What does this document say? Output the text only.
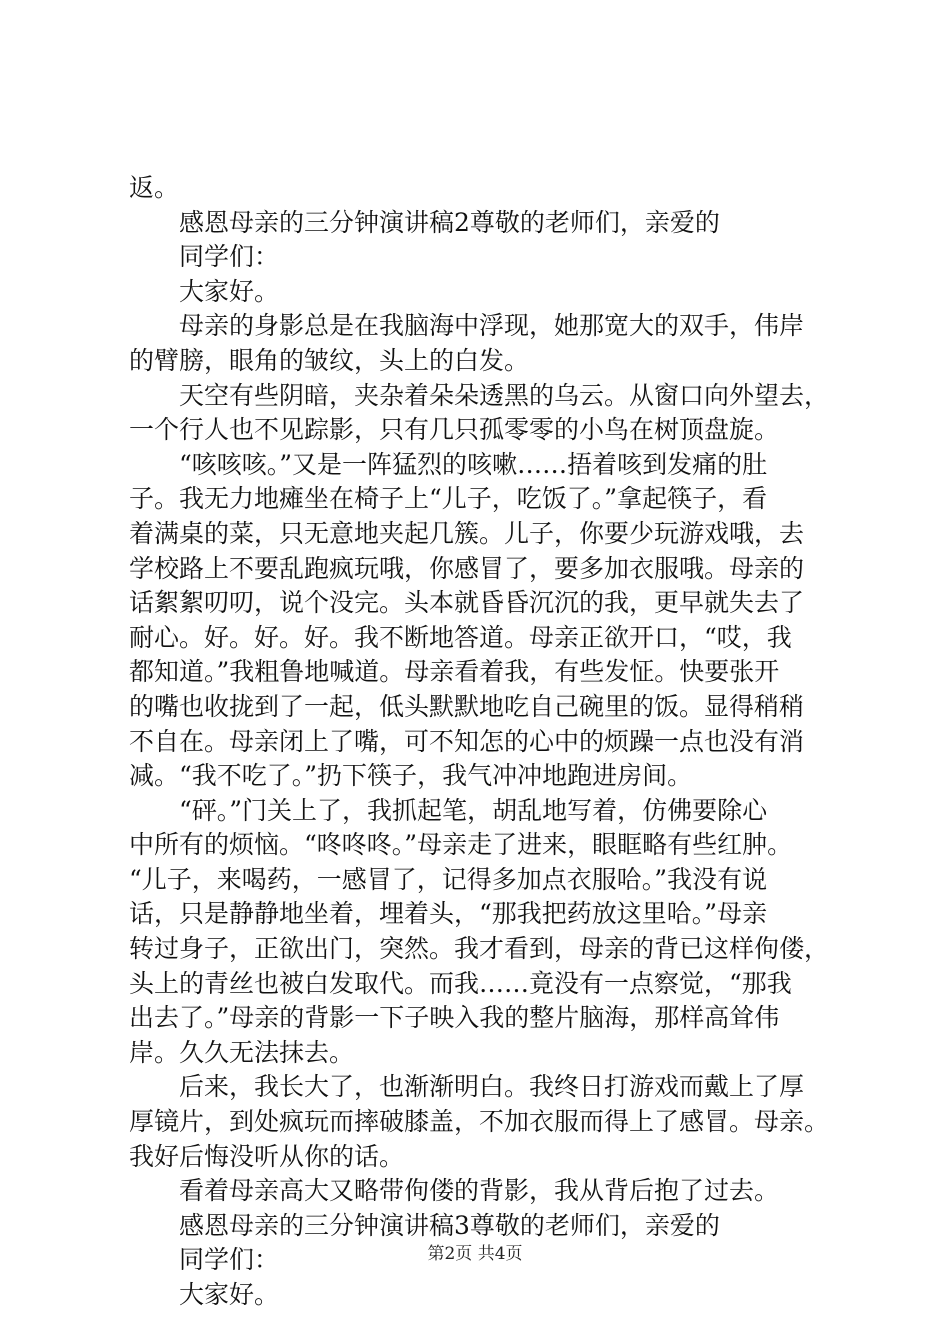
返。
感恩母亲的三分钟演讲稿2尊敬的老师们，亲爱的
同学们：
大家好。
母亲的身影总是在我脑海中浮现，她那宽大的双手，伟岸
的臂膀，眼角的皱纹，头上的白发。
天空有些阴暗，夹杂着朵朵透黑的乌云。从窗口向外望去，
一个行人也不见踪影，只有几只孤零零的小鸟在树顶盘旋。
“咳咳咳。”又是一阵猛烈的咳嗽……捂着咳到发痛的肚
子。我无力地瘫坐在椅子上“儿子，吃饭了。”拿起筷子，看
着满桌的菜，只无意地夹起几簇。儿子，你要少玩游戏哦，去
学校路上不要乱跑疯玩哦，你感冒了，要多加衣服哦。母亲的
话絮絮叨叨，说个没完。头本就昏昏沉沉的我，更早就失去了
耐心。好。好。好。我不断地答道。母亲正欲开口，“哎，我
都知道。”我粗鲁地喊道。母亲看着我，有些发怔。快要张开
的嘴也收拢到了一起，低头默默地吃自己碗里的饭。显得稍稍
不自在。母亲闭上了嘴，可不知怎的心中的烦躁一点也没有消
减。“我不吃了。”扔下筷子，我气冲冲地跑进房间。
“砰。”门关上了，我抓起笔，胡乱地写着，仿佛要除心
中所有的烦恼。“咚咚咚。”母亲走了进来，眼眶略有些红肿。
“儿子，来喝药，一感冒了，记得多加点衣服哈。”我没有说
话，只是静静地坐着，埋着头，“那我把药放这里哈。”母亲
转过身子，正欲出门，突然。我才看到，母亲的背已这样佝偻，
头上的青丝也被白发取代。而我……竟没有一点察觉，“那我
出去了。”母亲的背影一下子映入我的整片脑海，那样高耸伟
岸。久久无法抹去。
后来，我长大了，也渐渐明白。我终日打游戏而戴上了厚
厚镜片，到处疯玩而摔破膝盖，不加衣服而得上了感冒。母亲。
我好后悔没听从你的话。
看着母亲高大又略带佝偻的背影，我从背后抱了过去。
感恩母亲的三分钟演讲稿3尊敬的老师们，亲爱的
同学们：
大家好。
第2页 共4页
